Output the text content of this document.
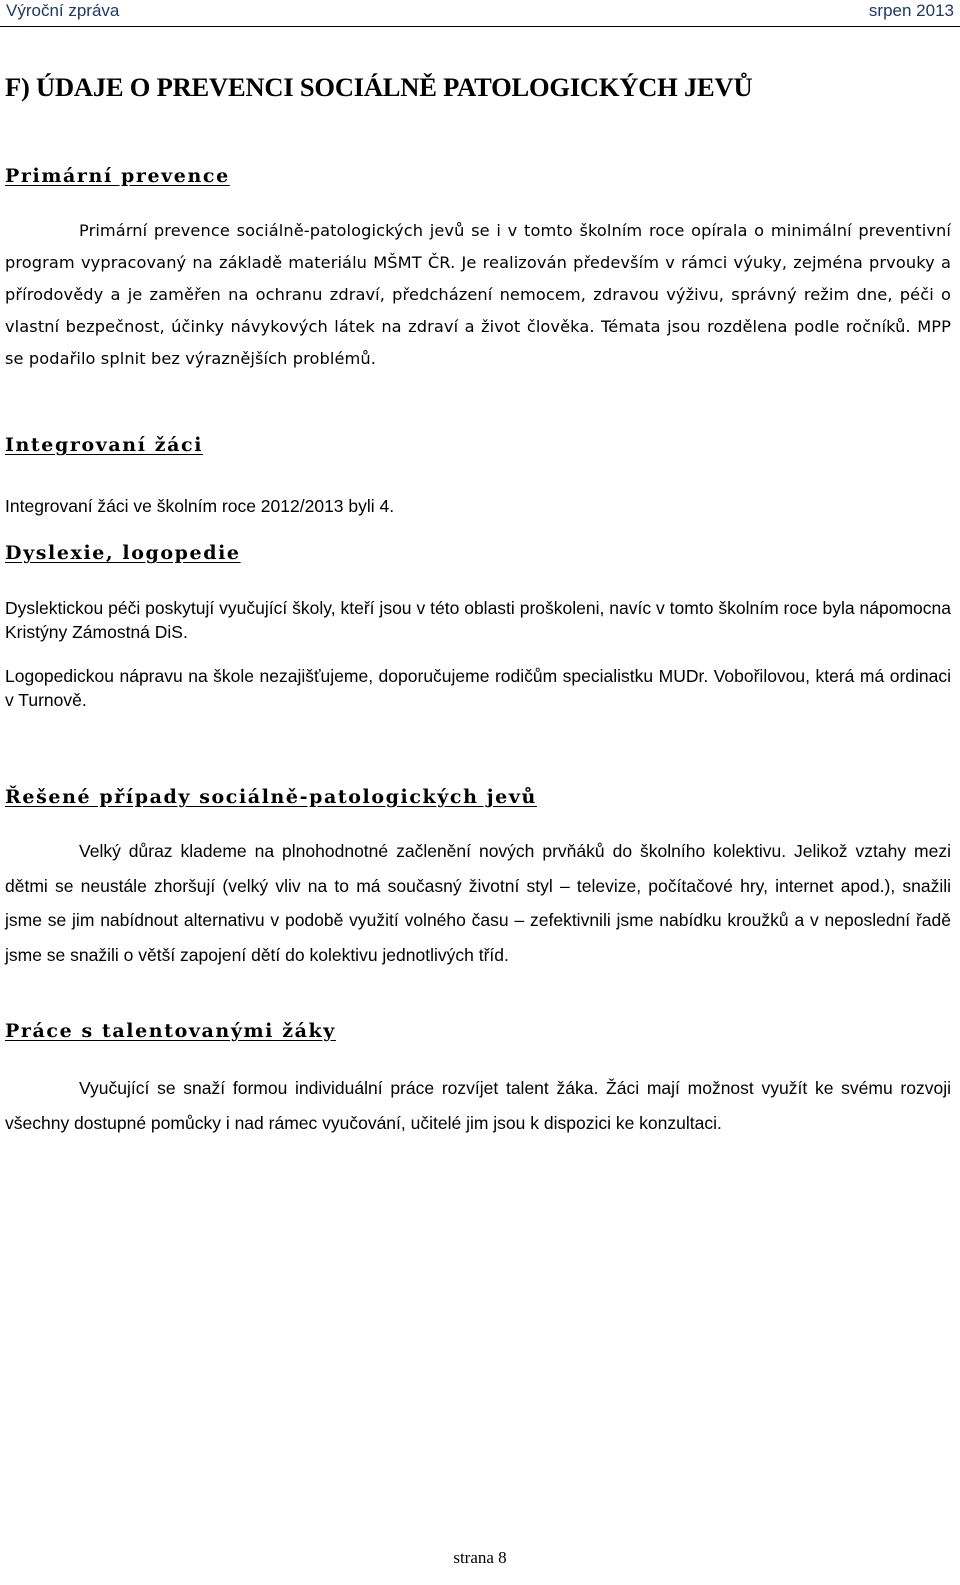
Výroční zpráva	srpen 2013
F) ÚDAJE O PREVENCI SOCIÁLNĚ PATOLOGICKÝCH JEVŮ
Primární prevence

Primární prevence sociálně-patologických jevů se i v tomto školním roce opírala o minimální preventivní program vypracovaný na základě materiálu MŠMT ČR. Je realizován především v rámci výuky, zejména prvouky a přírodovědy a je zaměřen na ochranu zdraví, předcházení nemocem, zdravou výživu, správný režim dne, péči o vlastní bezpečnost, účinky návykových látek na zdraví a život člověka. Témata jsou rozdělena podle ročníků. MPP se podařilo splnit bez výraznějších problémů.

Integrovaní žáci

Integrovaní žáci ve školním roce 2012/2013 byli 4.

Dyslexie, logopedie

Dyslektickou péči poskytují vyučující školy, kteří jsou v této oblasti proškoleni, navíc v tomto školním roce byla nápomocna Kristýny Zámostná DiS.

Logopedickou nápravu na škole nezajišťujeme, doporučujeme rodičům specialistku MUDr. Vobořilovou, která má ordinaci v Turnově.

Řešené případy sociálně-patologických jevů

Velký důraz klademe na plnohodnotné začlenění nových prvňáků do školního kolektivu. Jelikož vztahy mezi dětmi se neustále zhoršují (velký vliv na to má současný životní styl – televize, počítačové hry, internet apod.), snažili jsme se jim nabídnout alternativu v podobě využití volného času – zefektivnili jsme nabídku kroužků a v neposlední řadě jsme se snažili o větší zapojení dětí do kolektivu jednotlivých tříd.

Práce s talentovanými žáky

Vyučující se snaží formou individuální práce rozvíjet talent žáka. Žáci mají možnost využít ke svému rozvoji všechny dostupné pomůcky i nad rámec vyučování, učitelé jim jsou k dispozici ke konzultaci.

strana 8
